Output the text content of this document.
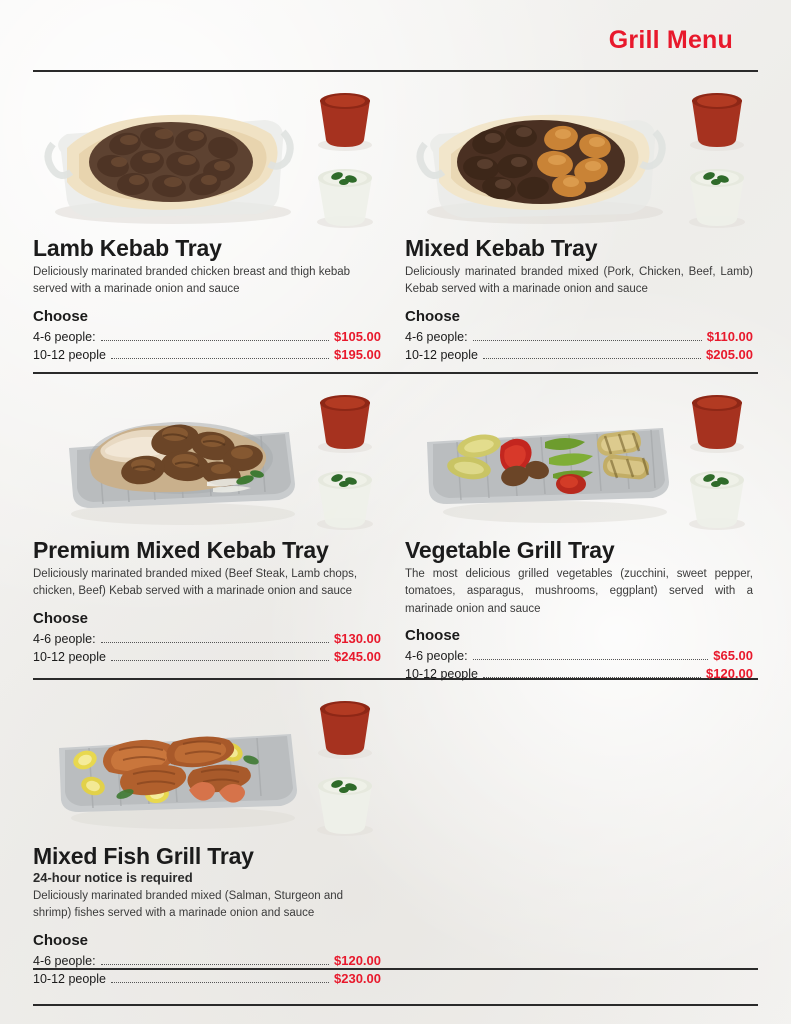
Grill Menu
Lamb Kebab Tray
Deliciously marinated branded chicken breast and thigh kebab served with a marinade onion and sauce
Choose
4-6 people:	$105.00
10-12 people	$195.00
Mixed Kebab Tray
Deliciously marinated branded mixed (Pork, Chicken, Beef, Lamb) Kebab served with a marinade onion and sauce
Choose
4-6 people:	$110.00
10-12 people	$205.00
Premium Mixed Kebab Tray
Deliciously marinated branded mixed (Beef Steak, Lamb chops, chicken, Beef) Kebab served with a marinade onion and sauce
Choose
4-6 people:	$130.00
10-12 people	$245.00
Vegetable Grill Tray
The most delicious grilled vegetables (zucchini, sweet pepper, tomatoes, asparagus, mushrooms, eggplant) served with a marinade onion and sauce
Choose
4-6 people:	$65.00
10-12 people	$120.00
Mixed Fish Grill Tray
24-hour notice is required
Deliciously marinated branded mixed (Salman, Sturgeon and shrimp) fishes served with a marinade onion and sauce
Choose
4-6 people:	$120.00
10-12 people	$230.00
